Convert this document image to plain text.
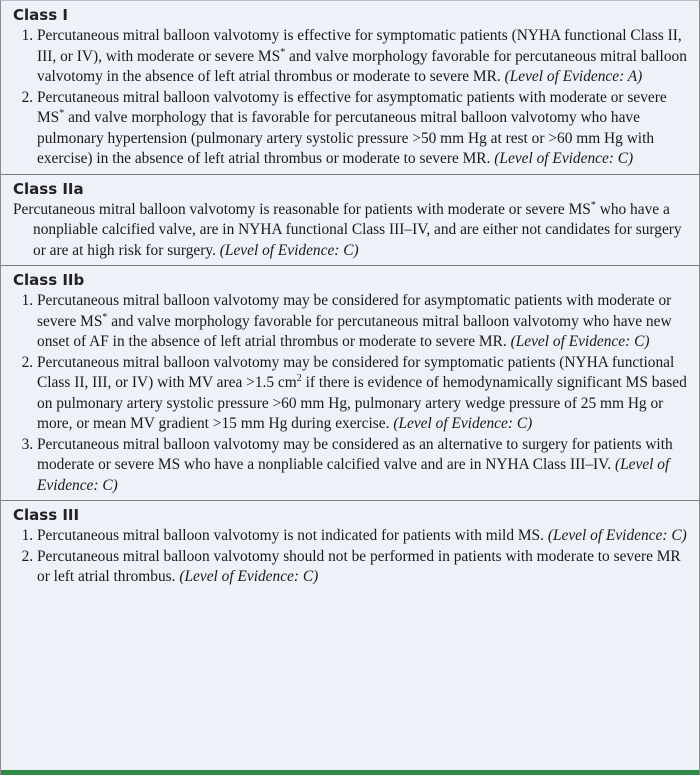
Class I
1. Percutaneous mitral balloon valvotomy is effective for symptomatic patients (NYHA functional Class II, III, or IV), with moderate or severe MS* and valve morphology favorable for percutaneous mitral balloon valvotomy in the absence of left atrial thrombus or moderate to severe MR. (Level of Evidence: A)
2. Percutaneous mitral balloon valvotomy is effective for asymptomatic patients with moderate or severe MS* and valve morphology that is favorable for percutaneous mitral balloon valvotomy who have pulmonary hypertension (pulmonary artery systolic pressure >50 mm Hg at rest or >60 mm Hg with exercise) in the absence of left atrial thrombus or moderate to severe MR. (Level of Evidence: C)
Class IIa
Percutaneous mitral balloon valvotomy is reasonable for patients with moderate or severe MS* who have a nonpliable calcified valve, are in NYHA functional Class III–IV, and are either not candidates for surgery or are at high risk for surgery. (Level of Evidence: C)
Class IIb
1. Percutaneous mitral balloon valvotomy may be considered for asymptomatic patients with moderate or severe MS* and valve morphology favorable for percutaneous mitral balloon valvotomy who have new onset of AF in the absence of left atrial thrombus or moderate to severe MR. (Level of Evidence: C)
2. Percutaneous mitral balloon valvotomy may be considered for symptomatic patients (NYHA functional Class II, III, or IV) with MV area >1.5 $cm^2$ if there is evidence of hemodynamically significant MS based on pulmonary artery systolic pressure >60 mm Hg, pulmonary artery wedge pressure of 25 mm Hg or more, or mean MV gradient >15 mm Hg during exercise. (Level of Evidence: C)
3. Percutaneous mitral balloon valvotomy may be considered as an alternative to surgery for patients with moderate or severe MS who have a nonpliable calcified valve and are in NYHA Class III–IV. (Level of Evidence: C)
Class III
1. Percutaneous mitral balloon valvotomy is not indicated for patients with mild MS. (Level of Evidence: C)
2. Percutaneous mitral balloon valvotomy should not be performed in patients with moderate to severe MR or left atrial thrombus. (Level of Evidence: C)
